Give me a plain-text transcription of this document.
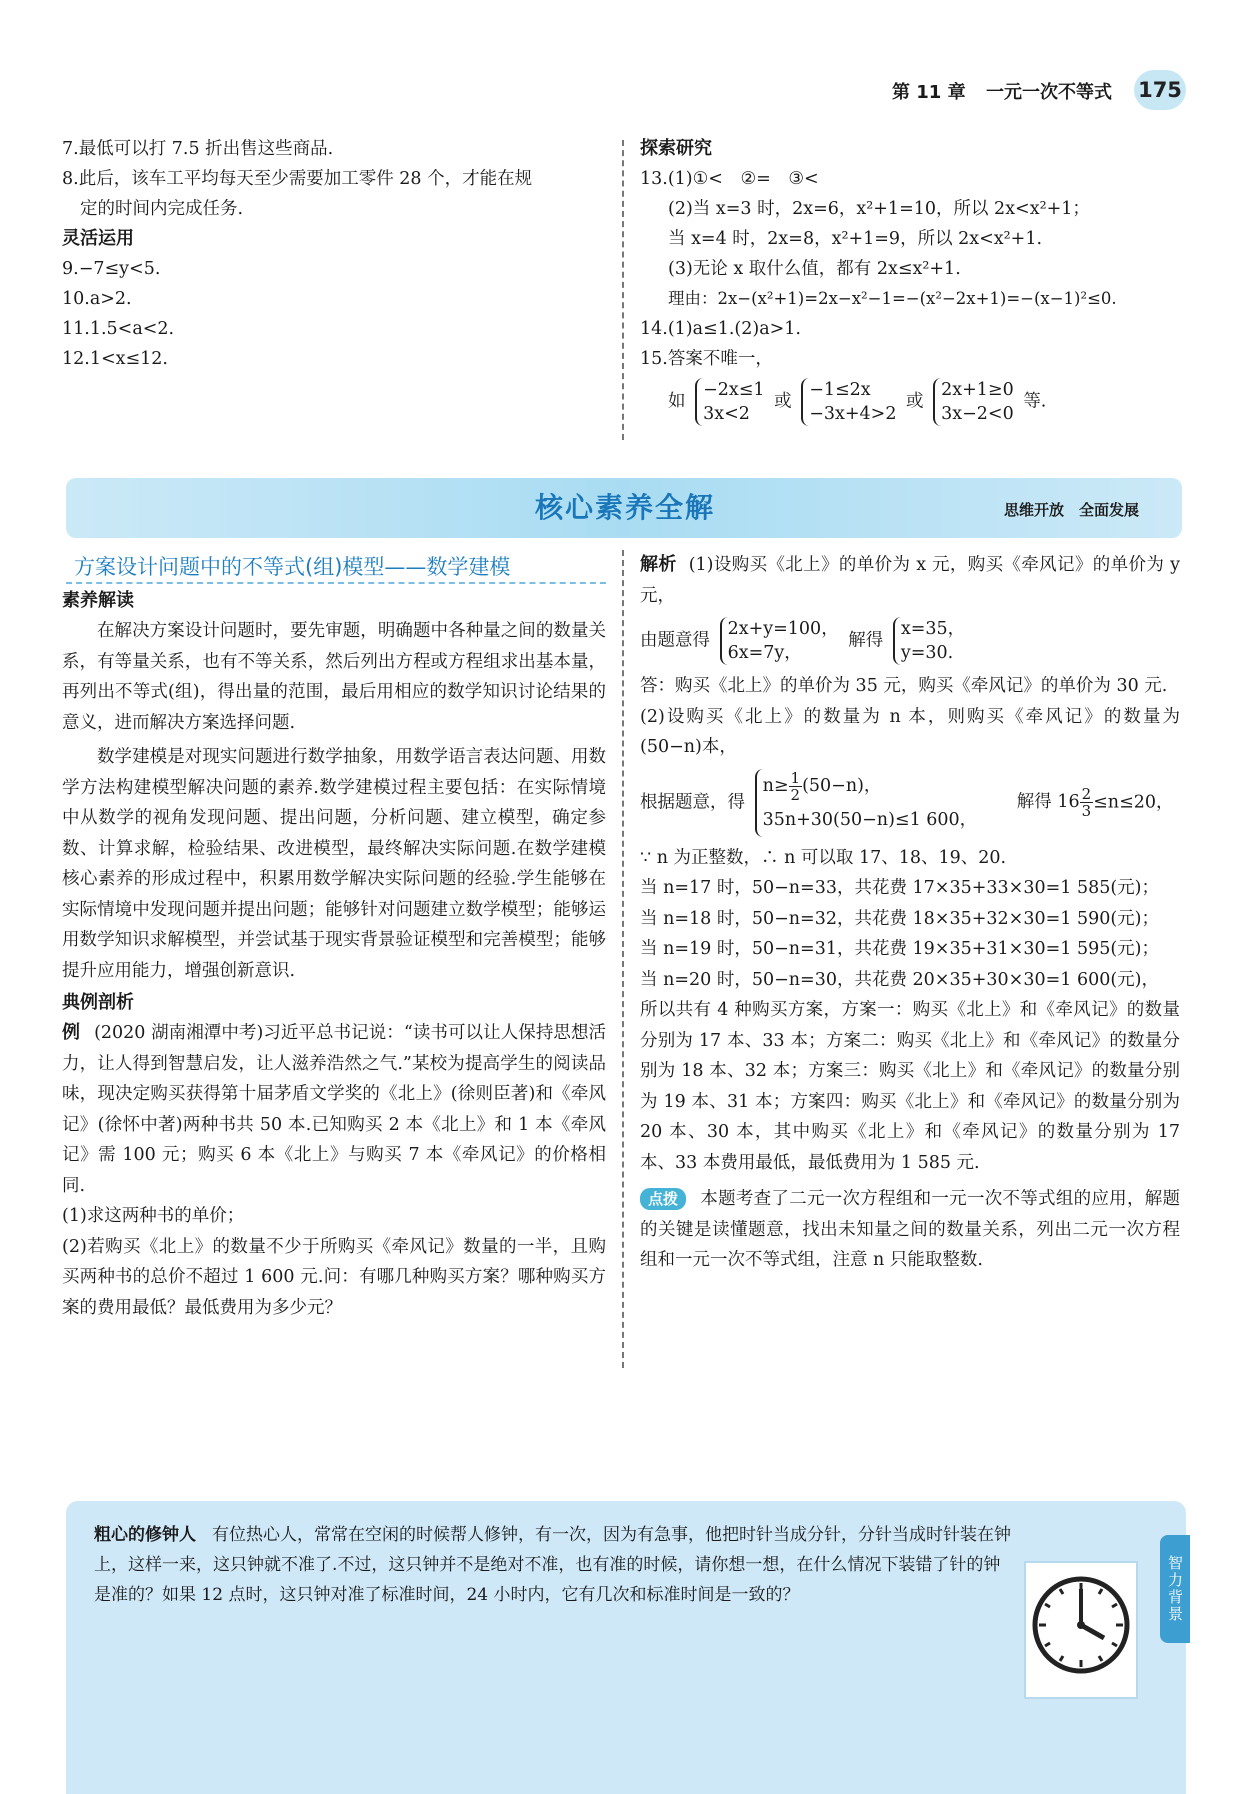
第 11 章 一元一次不等式 175
7.最低可以打 7.5 折出售这些商品.
8.此后，该车工平均每天至少需要加工零件 28 个，才能在规
定的时间内完成任务.
灵活运用
9.−7≤y<5.
10.a>2.
11.1.5<a<2.
12.1<x≤12.
探索研究
13.(1)①<　②=　③<
(2)当 x=3 时，2x=6，x²+1=10，所以 2x<x²+1；
当 x=4 时，2x=8，x²+1=9，所以 2x<x²+1.
(3)无论 x 取什么值，都有 2x≤x²+1.
理由：2x−(x²+1)=2x−x²−1=−(x²−2x+1)=−(x−1)²≤0.
14.(1)a≤1.(2)a>1.
15.答案不唯一，
如
−2x≤1
3x<2
或
−1≤2x
−3x+4>2
或
2x+1≥0
3x−2<0
等.
核心素养全解	思维开放　全面发展
方案设计问题中的不等式(组)模型——数学建模
素养解读
在解决方案设计问题时，要先审题，明确题中各种量之间的数量关系，有等量关系，也有不等关系，然后列出方程或方程组求出基本量，再列出不等式(组)，得出量的范围，最后用相应的数学知识讨论结果的意义，进而解决方案选择问题.
数学建模是对现实问题进行数学抽象，用数学语言表达问题、用数学方法构建模型解决问题的素养.数学建模过程主要包括：在实际情境中从数学的视角发现问题、提出问题，分析问题、建立模型，确定参数、计算求解，检验结果、改进模型，最终解决实际问题.在数学建模核心素养的形成过程中，积累用数学解决实际问题的经验.学生能够在实际情境中发现问题并提出问题；能够针对问题建立数学模型；能够运用数学知识求解模型，并尝试基于现实背景验证模型和完善模型；能够提升应用能力，增强创新意识.
典例剖析
例 (2020 湖南湘潭中考)习近平总书记说：“读书可以让人保持思想活力，让人得到智慧启发，让人滋养浩然之气.”某校为提高学生的阅读品味，现决定购买获得第十届茅盾文学奖的《北上》(徐则臣著)和《牵风记》(徐怀中著)两种书共 50 本.已知购买 2 本《北上》和 1 本《牵风记》需 100 元；购买 6 本《北上》与购买 7 本《牵风记》的价格相同.
(1)求这两种书的单价；
(2)若购买《北上》的数量不少于所购买《牵风记》数量的一半，且购买两种书的总价不超过 1 600 元.问：有哪几种购买方案？哪种购买方案的费用最低？最低费用为多少元？
解析 (1)设购买《北上》的单价为 x 元，购买《牵风记》的单价为 y 元，
由题意得
2x+y=100，
6x=7y，
解得
x=35，
y=30.
答：购买《北上》的单价为 35 元，购买《牵风记》的单价为 30 元.
(2)设购买《北上》的数量为 n 本，则购买《牵风记》的数量为(50−n)本，
根据题意，得
$n\ge \frac{1}{2} (50-n)$，
35n+30(50−n)≤1 600，
解得 $16 \frac{2}{3} \le n\le 20$，
∵ n 为正整数，∴ n 可以取 17、18、19、20.
当 n=17 时，50−n=33，共花费 17×35+33×30=1 585(元)；
当 n=18 时，50−n=32，共花费 18×35+32×30=1 590(元)；
当 n=19 时，50−n=31，共花费 19×35+31×30=1 595(元)；
当 n=20 时，50−n=30，共花费 20×35+30×30=1 600(元)，
所以共有 4 种购买方案，方案一：购买《北上》和《牵风记》的数量分别为 17 本、33 本；方案二：购买《北上》和《牵风记》的数量分别为 18 本、32 本；方案三：购买《北上》和《牵风记》的数量分别为 19 本、31 本；方案四：购买《北上》和《牵风记》的数量分别为 20 本、30 本，其中购买《北上》和《牵风记》的数量分别为 17 本、33 本费用最低，最低费用为 1 585 元.
点拨 本题考查了二元一次方程组和一元一次不等式组的应用，解题的关键是读懂题意，找出未知量之间的数量关系，列出二元一次方程组和一元一次不等式组，注意 n 只能取整数.
粗心的修钟人 有位热心人，常常在空闲的时候帮人修钟，有一次，因为有急事，他把时针当成分针，分针当成时针装在钟上，这样一来，这只钟就不准了.不过，这只钟并不是绝对不准，也有准的时候，请你想一想，在什么情况下装错了针的钟是准的？如果 12 点时，这只钟对准了标准时间，24 小时内，它有几次和标准时间是一致的？	智力背景
